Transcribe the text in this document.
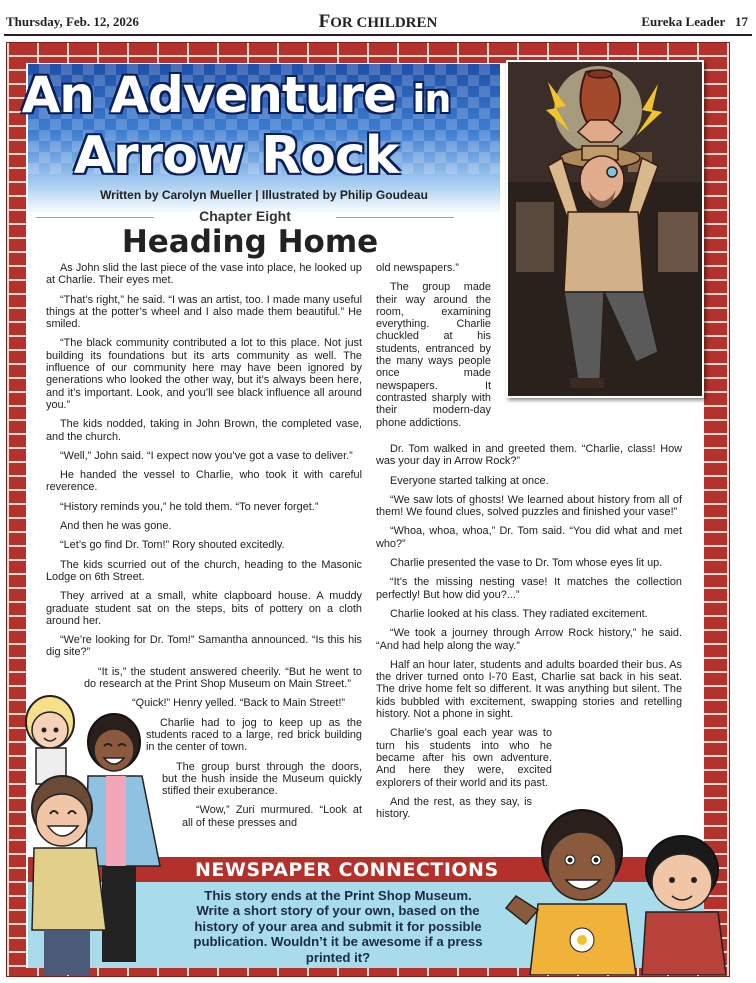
Thursday, Feb. 12, 2026	FOR CHILDREN	Eureka Leader 17
An Adventure in
Arrow Rock
Written by Carolyn Mueller | Illustrated by Philip Goudeau
Chapter Eight
Heading Home

As John slid the last piece of the vase into place, he looked up at Charlie. Their eyes met.

“That’s right,” he said. “I was an artist, too. I made many useful things at the potter’s wheel and I also made them beautiful.” He smiled.

“The black community contributed a lot to this place. Not just building its foundations but its arts community as well. The influence of our community here may have been ignored by generations who looked the other way, but it’s always been here, and it’s important. Look, and you’ll see black influence all around you.”

The kids nodded, taking in John Brown, the completed vase, and the church.

“Well,” John said. “I expect now you’ve got a vase to deliver.”

He handed the vessel to Charlie, who took it with careful reverence.

“History reminds you,” he told them. “To never forget.”

And then he was gone.

“Let’s go find Dr. Tom!” Rory shouted excitedly.

The kids scurried out of the church, heading to the Masonic Lodge on 6th Street.

They arrived at a small, white clapboard house. A muddy graduate student sat on the steps, bits of pottery on a cloth around her.

“We’re looking for Dr. Tom!” Samantha announced. “Is this his dig site?”

“It is,” the student answered cheerily. “But he went to do research at the Print Shop Museum on Main Street.”

“Quick!” Henry yelled. “Back to Main Street!”

Charlie had to jog to keep up as the students raced to a large, red brick building in the center of town.

The group burst through the doors, but the hush inside the Museum quickly stifled their exuberance.

“Wow,” Zuri murmured. “Look at all of these presses and

old newspapers.”

The group made their way around the room, examining everything. Charlie chuckled at his students, entranced by the many ways people once made newspapers. It contrasted sharply with their modern-day phone addictions.

Dr. Tom walked in and greeted them. “Charlie, class! How was your day in Arrow Rock?”

Everyone started talking at once.

“We saw lots of ghosts! We learned about history from all of them! We found clues, solved puzzles and finished your vase!”

“Whoa, whoa, whoa,” Dr. Tom said. “You did what and met who?”

Charlie presented the vase to Dr. Tom whose eyes lit up.

“It’s the missing nesting vase! It matches the collection perfectly! But how did you?...”

Charlie looked at his class. They radiated excitement.

“We took a journey through Arrow Rock history,” he said. “And had help along the way.”

Half an hour later, students and adults boarded their bus. As the driver turned onto I-70 East, Charlie sat back in his seat. The drive home felt so different. It was anything but silent. The kids bubbled with excitement, swapping stories and retelling history. Not a phone in sight.

Charlie’s goal each year was to turn his students into who he became after his own adventure. And here they were, excited explorers of their world and its past.

And the rest, as they say, is history.

NEWSPAPER CONNECTIONS
This story ends at the Print Shop Museum. Write a short story of your own, based on the history of your area and submit it for possible publication. Wouldn’t it be awesome if a press printed it?
